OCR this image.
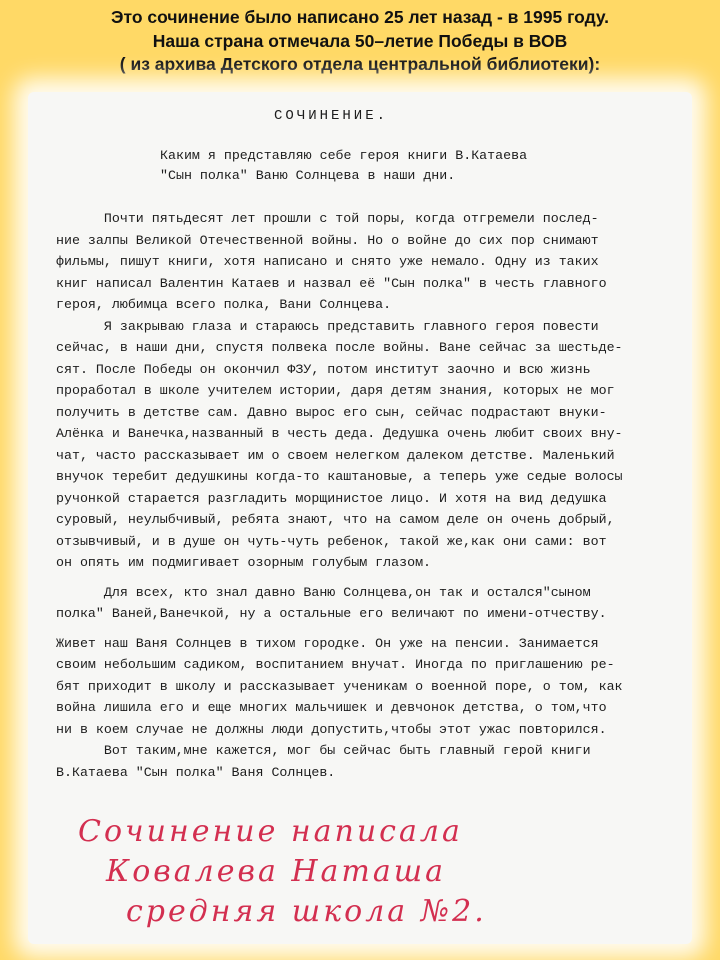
Это сочинение было написано 25 лет назад - в 1995 году.
Наша страна отмечала 50–летие Победы в ВОВ
( из архива Детского отдела центральной библиотеки):
СОЧИНЕНИЕ.
Каким я представляю себе героя книги В.Катаева
"Сын полка" Ваню Солнцева в наши дни.
Почти пятьдесят лет прошли с той поры, когда отгремели послед-
ние залпы Великой Отечественной войны. Но о войне до сих пор снимают
фильмы, пишут книги, хотя написано и снято уже немало. Одну из таких
книг написал Валентин Катаев и назвал её "Сын полка" в честь главного
героя, любимца всего полка, Вани Солнцева.
Я закрываю глаза и стараюсь представить главного героя повести
сейчас, в наши дни, спустя полвека после войны. Ване сейчас за шестьде-
сят. После Победы он окончил ФЗУ, потом институт заочно и всю жизнь
проработал в школе учителем истории, даря детям знания, которых не мог
получить в детстве сам. Давно вырос его сын, сейчас подрастают внуки-
Алёнка и Ванечка,названный в честь деда. Дедушка очень любит своих вну-
чат, часто рассказывает им о своем нелегком далеком детстве. Маленький
внучок теребит дедушкины когда-то каштановые, а теперь уже седые волосы
ручонкой старается разгладить морщинистое лицо. И хотя на вид дедушка
суровый, неулыбчивый, ребята знают, что на самом деле он очень добрый,
отзывчивый, и в душе он чуть-чуть ребенок, такой же,как они сами: вот
он опять им подмигивает озорным голубым глазом.
Для всех, кто знал давно Ваню Солнцева,он так и остался"сыном
полка" Ваней,Ванечкой, ну а остальные его величают по имени-отчеству.
Живет наш Ваня Солнцев в тихом городке. Он уже на пенсии. Занимается
своим небольшим садиком, воспитанием внучат. Иногда по приглашению ре-
бят приходит в школу и рассказывает ученикам о военной поре, о том, как
война лишила его и еще многих мальчишек и девчонок детства, о том,что
ни в коем случае не должны люди допустить,чтобы этот ужас повторился.
Вот таким,мне кажется, мог бы сейчас быть главный герой книги
В.Катаева "Сын полка" Ваня Солнцев.
Сочинение написала
Ковалева Наташа
средняя школа №2.
